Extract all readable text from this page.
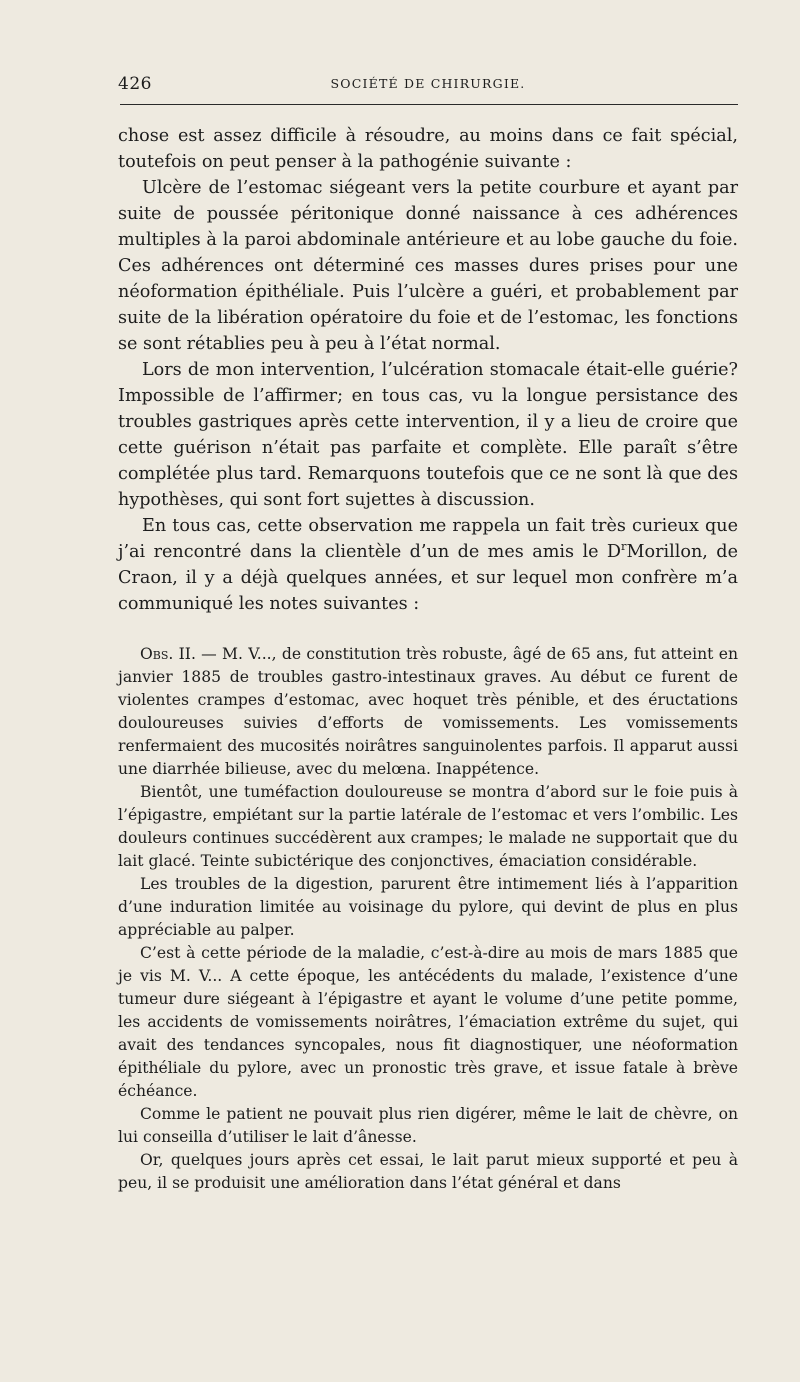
426	SOCIÉTÉ DE CHIRURGIE.

chose est assez difficile à résoudre, au moins dans ce fait spécial, toutefois on peut penser à la pathogénie suivante :

Ulcère de l’estomac siégeant vers la petite courbure et ayant par suite de poussée péritonique donné naissance à ces adhérences multiples à la paroi abdominale antérieure et au lobe gauche du foie. Ces adhérences ont déterminé ces masses dures prises pour une néoformation épithéliale. Puis l’ulcère a guéri, et probablement par suite de la libération opératoire du foie et de l’estomac, les fonctions se sont rétablies peu à peu à l’état normal.

Lors de mon intervention, l’ulcération stomacale était-elle guérie? Impossible de l’affirmer; en tous cas, vu la longue persistance des troubles gastriques après cette intervention, il y a lieu de croire que cette guérison n’était pas parfaite et complète. Elle paraît s’être complétée plus tard. Remarquons toutefois que ce ne sont là que des hypothèses, qui sont fort sujettes à discussion.

En tous cas, cette observation me rappela un fait très curieux que j’ai rencontré dans la clientèle d’un de mes amis le $D^rMorillon$, de Craon, il y a déjà quelques années, et sur lequel mon confrère m’a communiqué les notes suivantes :

Obs. II. — M. V..., de constitution très robuste, âgé de 65 ans, fut atteint en janvier 1885 de troubles gastro-intestinaux graves. Au début ce furent de violentes crampes d’estomac, avec hoquet très pénible, et des éructations douloureuses suivies d’efforts de vomissements. Les vomissements renfermaient des mucosités noirâtres sanguinolentes parfois. Il apparut aussi une diarrhée bilieuse, avec du melœna. Inappétence.

Bientôt, une tuméfaction douloureuse se montra d’abord sur le foie puis à l’épigastre, empiétant sur la partie latérale de l’estomac et vers l’ombilic. Les douleurs continues succédèrent aux crampes; le malade ne supportait que du lait glacé. Teinte subictérique des conjonctives, émaciation considérable.

Les troubles de la digestion, parurent être intimement liés à l’apparition d’une induration limitée au voisinage du pylore, qui devint de plus en plus appréciable au palper.

C’est à cette période de la maladie, c’est-à-dire au mois de mars 1885 que je vis M. V... A cette époque, les antécédents du malade, l’existence d’une tumeur dure siégeant à l’épigastre et ayant le volume d’une petite pomme, les accidents de vomissements noirâtres, l’émaciation extrême du sujet, qui avait des tendances syncopales, nous fit diagnostiquer, une néoformation épithéliale du pylore, avec un pronostic très grave, et issue fatale à brève échéance.

Comme le patient ne pouvait plus rien digérer, même le lait de chèvre, on lui conseilla d’utiliser le lait d’ânesse.

Or, quelques jours après cet essai, le lait parut mieux supporté et peu à peu, il se produisit une amélioration dans l’état général et dans
